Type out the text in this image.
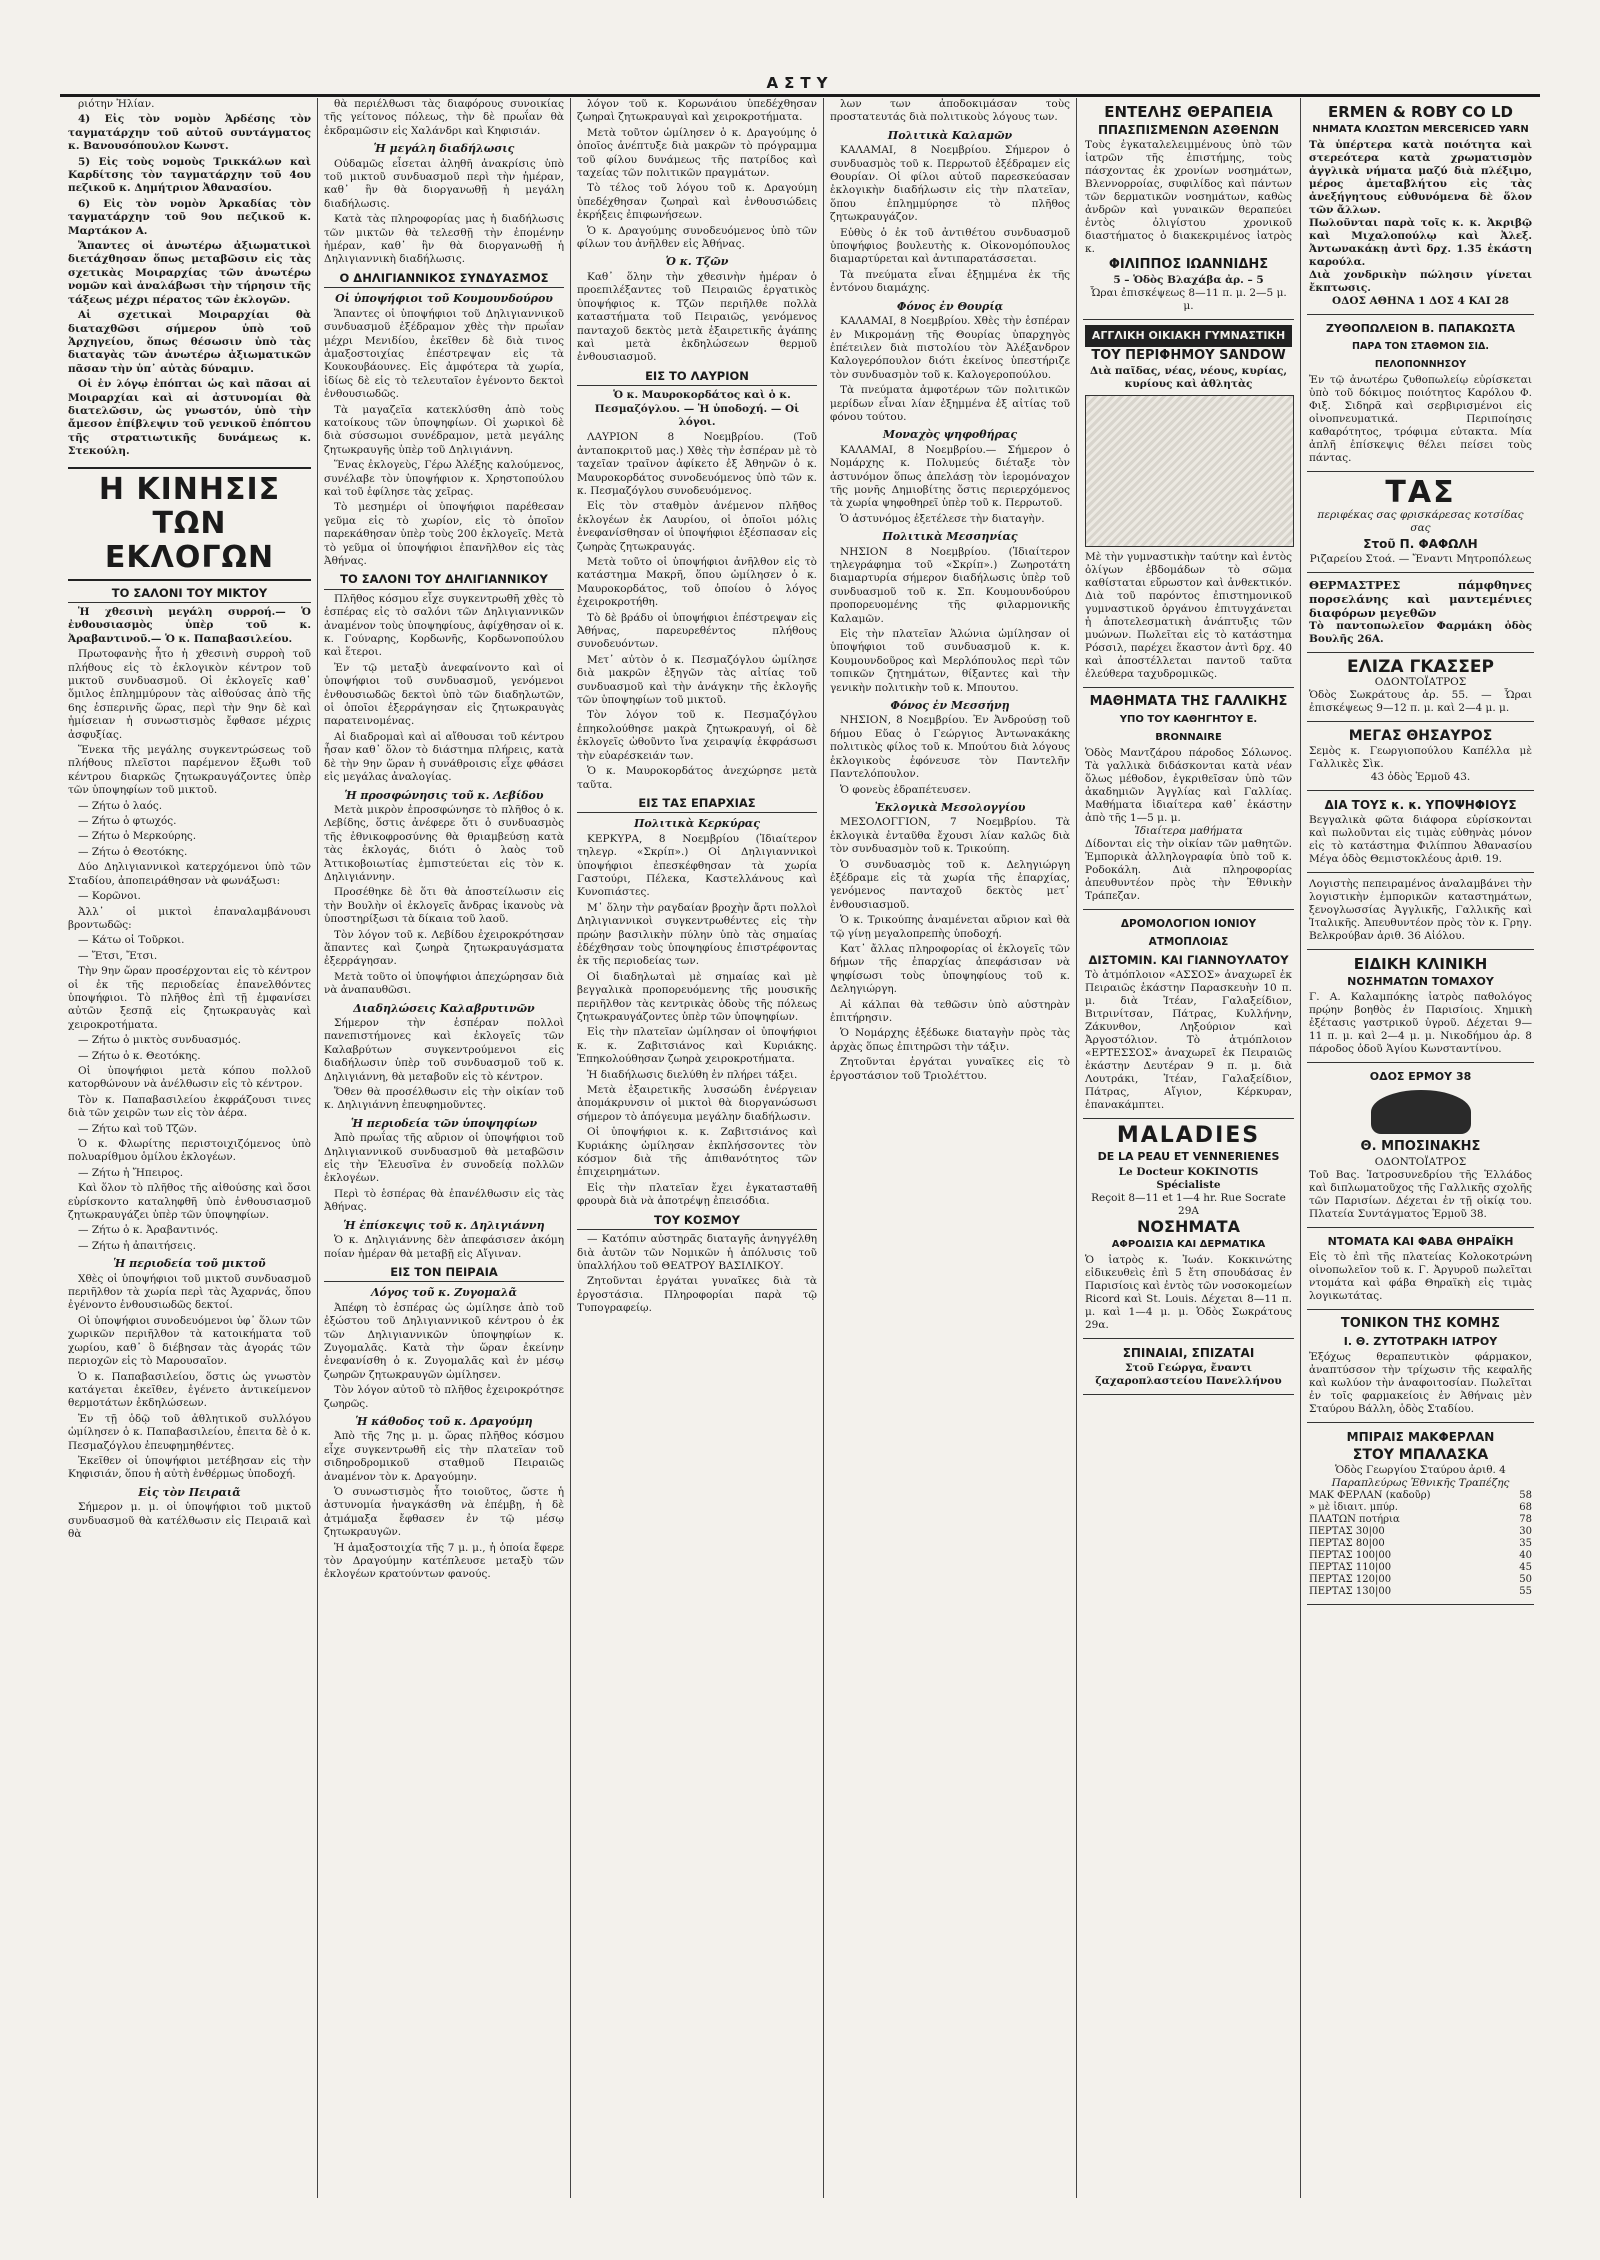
ΑΣΤΥ

ριότην Ἠλίαν.

4) Εἰς τὸν νομὸν Ἀρδέσης τὸν ταγματάρχην τοῦ αὐτοῦ συντάγματος κ. Βανουσόπουλον Κωνστ.

5) Εἰς τοὺς νομοὺς Τρικκάλων καὶ Καρδίτσης τὸν ταγματάρχην τοῦ 4ου πεζικοῦ κ. Δημήτριον Ἀθανασίου.

6) Εἰς τὸν νομὸν Ἀρκαδίας τὸν ταγματάρχην τοῦ 9ου πεζικοῦ κ. Μαρτάκον Α.

Ἅπαντες οἱ ἀνωτέρω ἀξιωματικοὶ διετάχθησαν ὅπως μεταβῶσιν εἰς τὰς σχετικὰς Μοιραρχίας τῶν ἀνωτέρω νομῶν καὶ ἀναλάβωσι τὴν τήρησιν τῆς τάξεως μέχρι πέρατος τῶν ἐκλογῶν.

Αἱ σχετικαὶ Μοιραρχίαι θὰ διαταχθῶσι σήμερον ὑπὸ τοῦ Ἀρχηγείου, ὅπως θέσωσιν ὑπὸ τὰς διαταγὰς τῶν ἀνωτέρω ἀξιωματικῶν πᾶσαν τὴν ὑπ᾿ αὐτὰς δύναμιν.

Οἱ ἐν λόγῳ ἐπόπται ὡς καὶ πᾶσαι αἱ Μοιραρχίαι καὶ αἱ ἀστυνομίαι θὰ διατελῶσιν, ὡς γνωστόν, ὑπὸ τὴν ἄμεσον ἐπίβλεψιν τοῦ γενικοῦ ἐπόπτου τῆς στρατιωτικῆς δυνάμεως κ. Στεκούλη.

Η ΚΙΝΗΣΙΣ
ΤΩΝ ΕΚΛΟΓΩΝ
ΤΟ ΣΑΛΟΝΙ ΤΟΥ ΜΙΚΤΟΥ

Ἡ χθεσινὴ μεγάλη συρροή.— Ὁ ἐνθουσιασμὸς ὑπὲρ τοῦ κ. Ἀραβαντινοῦ.— Ὁ κ. Παπαβασιλείου.

Πρωτοφανὴς ἦτο ἡ χθεσινὴ συρροὴ τοῦ πλήθους εἰς τὸ ἐκλογικὸν κέντρον τοῦ μικτοῦ συνδυασμοῦ. Οἱ ἐκλογεῖς καθ᾿ ὅμιλος ἐπλημμύρουν τὰς αἰθούσας ἀπὸ τῆς 6ης ἑσπερινῆς ὥρας, περὶ τὴν 9ην δὲ καὶ ἡμίσειαν ἡ συνωστισμὸς ἔφθασε μέχρις ἀσφυξίας.

Ἕνεκα τῆς μεγάλης συγκεντρώσεως τοῦ πλήθους πλεῖστοι παρέμενον ἔξωθι τοῦ κέντρου διαρκῶς ζητωκραυγάζοντες ὑπὲρ τῶν ὑποψηφίων τοῦ μικτοῦ.

— Ζήτω ὁ λαός.

— Ζήτω ὁ φτωχός.

— Ζήτω ὁ Μερκούρης.

— Ζήτω ὁ Θεοτόκης.

Δύο Δηλιγιαννικοὶ κατερχόμενοι ὑπὸ τῶν Σταδίου, ἀποπειράθησαν νὰ φωνάξωσι:

— Κορῶνοι.

Ἀλλ᾿ οἱ μικτοὶ ἐπαναλαμβάνουσι βροντωδῶς:

— Κάτω οἱ Τοῦρκοι.

— Ἔτσι, Ἔτσι.

Τὴν 9ην ὥραν προσέρχονται εἰς τὸ κέντρον οἱ ἐκ τῆς περιοδείας ἐπανελθόντες ὑποψήφιοι. Τὸ πλῆθος ἐπὶ τῇ ἐμφανίσει αὐτῶν ξεσπᾷ εἰς ζητωκραυγὰς καὶ χειροκροτήματα.

— Ζήτω ὁ μικτὸς συνδυασμός.

— Ζήτω ὁ κ. Θεοτόκης.

Οἱ ὑποψήφιοι μετὰ κόπου πολλοῦ κατορθώνουν νὰ ἀνέλθωσιν εἰς τὸ κέντρον.

Τὸν κ. Παπαβασιλείου ἐκφράζουσι τινες διὰ τῶν χειρῶν των εἰς τὸν ἀέρα.

— Ζήτω καὶ τοῦ Τζῶν.

Ὁ κ. Φλωρίτης περιστοιχιζόμενος ὑπὸ πολυαρίθμου ὁμίλου ἐκλογέων.

— Ζήτω ἡ Ἤπειρος.

Καὶ ὅλον τὸ πλῆθος τῆς αἰθούσης καὶ ὅσοι εὑρίσκοντο καταληφθῆ ὑπὸ ἐνθουσιασμοῦ ζητωκραυγάζει ὑπὲρ τῶν ὑποψηφίων.

— Ζήτω ὁ κ. Ἀραβαντινός.

— Ζήτω ἡ ἀπαιτήσεις.

Ἡ περιοδεία τοῦ μικτοῦ

Χθὲς οἱ ὑποψήφιοι τοῦ μικτοῦ συνδυασμοῦ περιῆλθον τὰ χωρία περὶ τὰς Ἀχαρνάς, ὅπου ἐγένοντο ἐνθουσιωδῶς δεκτοί.

Οἱ ὑποψήφιοι συνοδευόμενοι ὑφ᾿ ὅλων τῶν χωρικῶν περιῆλθον τὰ κατοικήματα τοῦ χωρίου, καθ᾿ ὃ διέβησαν τὰς ἀγοράς τῶν περιοχῶν εἰς τὸ Μαρουσαῖον.

Ὁ κ. Παπαβασιλείου, ὅστις ὡς γνωστὸν κατάγεται ἐκεῖθεν, ἐγένετο ἀντικείμενον θερμοτάτων ἐκδηλώσεων.

Ἐν τῇ ὁδῷ τοῦ ἀθλητικοῦ συλλόγου ὡμίλησεν ὁ κ. Παπαβασιλείου, ἐπειτα δὲ ὁ κ. Πεσμαζόγλου ἐπευφημηθέντες.

Ἐκεῖθεν οἱ ὑποψήφιοι μετέβησαν εἰς τὴν Κηφισιάν, ὅπου ἡ αὐτὴ ἐνθέρμως ὑποδοχή.

Εἰς τὸν Πειραιᾶ

Σήμερον μ. μ. οἱ ὑποψήφιοι τοῦ μικτοῦ συνδυασμοῦ θὰ κατέλθωσιν εἰς Πειραιᾶ καὶ θὰ

θὰ περιέλθωσι τὰς διαφόρους συνοικίας τῆς γείτονος πόλεως, τὴν δὲ πρωΐαν θὰ ἐκδραμῶσιν εἰς Χαλάνδρι καὶ Κηφισιάν.

Ἡ μεγάλη διαδήλωσις

Οὐδαμῶς εἶσεται ἀληθῆ ἀνακρίσις ὑπὸ τοῦ μικτοῦ συνδυασμοῦ περὶ τὴν ἡμέραν, καθ᾿ ἣν θὰ διοργανωθῇ ἡ μεγάλη διαδήλωσις.

Κατὰ τὰς πληροφορίας μας ἡ διαδήλωσις τῶν μικτῶν θὰ τελεσθῇ τὴν ἐπομένην ἡμέραν, καθ᾿ ἣν θὰ διοργανωθῇ ἡ Δηλιγιαννικὴ διαδήλωσις.

Ο ΔΗΛΙΓΙΑΝΝΙΚΟΣ ΣΥΝΔΥΑΣΜΟΣ
Οἱ ὑποψήφιοι τοῦ Κουμουνδούρου

Ἅπαντες οἱ ὑποψήφιοι τοῦ Δηλιγιαννικοῦ συνδυασμοῦ ἐξέδραμον χθὲς τὴν πρωΐαν μέχρι Μενιδίου, ἐκεῖθεν δὲ διὰ τινος ἁμαξοστοιχίας ἐπέστρεψαν εἰς τὰ Κουκουβάουνες. Εἰς ἀμφότερα τὰ χωρία, ἰδίως δὲ εἰς τὸ τελευταῖον ἐγένοντο δεκτοὶ ἐνθουσιωδῶς.

Τὰ μαγαζεῖα κατεκλύσθη ἀπὸ τοὺς κατοίκους τῶν ὑποψηφίων. Οἱ χωρικοὶ δὲ διὰ σύσσωμοι συνέδραμον, μετὰ μεγάλης ζητωκραυγῆς ὑπὲρ τοῦ Δηλιγιάννη.

Ἕνας ἐκλογεὺς, Γέρω Ἀλέξης καλούμενος, συνέλαβε τὸν ὑποψήφιον κ. Χρηστοπούλου καὶ τοῦ ἐφίλησε τὰς χεῖρας.

Τὸ μεσημέρι οἱ ὑποψήφιοι παρέθεσαν γεῦμα εἰς τὸ χωρίον, εἰς τὸ ὁποῖον παρεκάθησαν ὑπὲρ τοὺς 200 ἐκλογεῖς. Μετὰ τὸ γεῦμα οἱ ὑποψήφιοι ἐπανῆλθον εἰς τὰς Ἀθήνας.

ΤΟ ΣΑΛΟΝΙ ΤΟΥ ΔΗΛΙΓΙΑΝΝΙΚΟΥ

Πλῆθος κόσμου εἶχε συγκεντρωθῆ χθὲς τὸ ἑσπέρας εἰς τὸ σαλόνι τῶν Δηλιγιαννικῶν ἀναμένον τοὺς ὑποψηφίους, ἀφίχθησαν οἱ κ. κ. Γούναρης, Κορδωνῆς, Κορδωνοπούλου καὶ ἕτεροι.

Ἐν τῷ μεταξὺ ἀνεφαίνοντο καὶ οἱ ὑποψήφιοι τοῦ συνδυασμοῦ, γενόμενοι ἐνθουσιωδῶς δεκτοὶ ὑπὸ τῶν διαδηλωτῶν, οἱ ὁποῖοι ἐξερράγησαν εἰς ζητωκραυγὰς παρατεινομένας.

Αἱ διαδρομαὶ καὶ αἱ αἴθουσαι τοῦ κέντρου ἦσαν καθ᾿ ὅλον τὸ διάστημα πλήρεις, κατὰ δὲ τὴν 9ην ὥραν ἡ συνάθροισις εἶχε φθάσει εἰς μεγάλας ἀναλογίας.

Ἡ προσφώνησις τοῦ κ. Λεβίδου

Μετὰ μικρὸν ἐπροσφώνησε τὸ πλῆθος ὁ κ. Λεβίδης, ὅστις ἀνέφερε ὅτι ὁ συνδυασμὸς τῆς ἐθνικοφροσύνης θὰ θριαμβεύσῃ κατὰ τὰς ἐκλογάς, διότι ὁ λαὸς τοῦ Ἀττικοβοιωτίας ἐμπιστεύεται εἰς τὸν κ. Δηλιγιάννην.

Προσέθηκε δὲ ὅτι θὰ ἀποστείλωσιν εἰς τὴν Βουλὴν οἱ ἐκλογεῖς ἄνδρας ἱκανοὺς νὰ ὑποστηρίξωσι τὰ δίκαια τοῦ λαοῦ.

Τὸν λόγον τοῦ κ. Λεβίδου ἐχειροκρότησαν ἅπαντες καὶ ζωηρὰ ζητωκραυγάσματα ἐξερράγησαν.

Μετὰ τοῦτο οἱ ὑποψήφιοι ἀπεχώρησαν διὰ νὰ ἀναπαυθῶσι.

Διαδηλώσεις Καλαβρυτινῶν

Σήμερον τὴν ἑσπέραν πολλοὶ πανεπιστήμονες καὶ ἐκλογεῖς τῶν Καλαβρύτων συγκεντρούμενοι εἰς διαδήλωσιν ὑπὲρ τοῦ συνδυασμοῦ τοῦ κ. Δηλιγιάννη, θὰ μεταβοῦν εἰς τὸ κέντρον.

Ὅθεν θὰ προσέλθωσιν εἰς τὴν οἰκίαν τοῦ κ. Δηλιγιάννη ἐπευφημοῦντες.

Ἡ περιοδεία τῶν ὑποψηφίων

Ἀπὸ πρωΐας τῆς αὔριον οἱ ὑποψήφιοι τοῦ Δηλιγιαννικοῦ συνδυασμοῦ θὰ μεταβῶσιν εἰς τὴν Ἐλευσῖνα ἐν συνοδείᾳ πολλῶν ἐκλογέων.

Περὶ τὸ ἑσπέρας θὰ ἐπανέλθωσιν εἰς τὰς Ἀθήνας.

Ἡ ἐπίσκεψις τοῦ κ. Δηλιγιάννη

Ὁ κ. Δηλιγιάννης δὲν ἀπεφάσισεν ἀκόμη ποίαν ἡμέραν θὰ μεταβῇ εἰς Αἴγιναν.

ΕΙΣ ΤΟΝ ΠΕΙΡΑΙΑ
Λόγος τοῦ κ. Ζυγομαλᾶ

Ἀπέφη τὸ ἑσπέρας ὡς ὡμίλησε ἀπὸ τοῦ ἐξώστου τοῦ Δηλιγιαννικοῦ κέντρου ὁ ἐκ τῶν Δηλιγιαννικῶν ὑποψηφίων κ. Ζυγομαλᾶς. Κατὰ τὴν ὥραν ἐκείνην ἐνεφανίσθη ὁ κ. Ζυγομαλᾶς καὶ ἐν μέσῳ ζωηρῶν ζητωκραυγῶν ὡμίλησεν.

Τὸν λόγον αὐτοῦ τὸ πλῆθος ἐχειροκρότησε ζωηρῶς.

Ἡ κάθοδος τοῦ κ. Δραγούμη

Ἀπὸ τῆς 7ης μ. μ. ὥρας πλῆθος κόσμου εἶχε συγκεντρωθῆ εἰς τὴν πλατεῖαν τοῦ σιδηροδρομικοῦ σταθμοῦ Πειραιῶς ἀναμένον τὸν κ. Δραγούμην.

Ὁ συνωστισμὸς ἦτο τοιοῦτος, ὥστε ἡ ἀστυνομία ἠναγκάσθη νὰ ἐπέμβῃ, ἡ δὲ ἀτμάμαξα ἔφθασεν ἐν τῷ μέσῳ ζητωκραυγῶν.

Ἡ ἀμαξοστοιχία τῆς 7 μ. μ., ἡ ὁποία ἔφερε τὸν Δραγούμην κατέπλευσε μεταξὺ τῶν ἐκλογέων κρατούντων φανούς.

λόγον τοῦ κ. Κορωνάιου ὑπεδέχθησαν ζωηραὶ ζητωκραυγαὶ καὶ χειροκροτήματα.

Μετὰ τοῦτον ὡμίλησεν ὁ κ. Δραγούμης ὁ ὁποῖος ἀνέπτυξε διὰ μακρῶν τὸ πρόγραμμα τοῦ φίλου δυνάμεως τῆς πατρίδος καὶ ταχείας τῶν πολιτικῶν πραγμάτων.

Τὸ τέλος τοῦ λόγου τοῦ κ. Δραγούμη ὑπεδέχθησαν ζωηραὶ καὶ ἐνθουσιώδεις ἐκρήξεις ἐπιφωνήσεων.

Ὁ κ. Δραγούμης συνοδευόμενος ὑπὸ τῶν φίλων του ἀνῆλθεν εἰς Ἀθήνας.

Ὁ κ. Τζῶν

Καθ᾿ ὅλην τὴν χθεσινὴν ἡμέραν ὁ προεπιλέξαντες τοῦ Πειραιῶς ἐργατικὸς ὑποψήφιος κ. Τζῶν περιῆλθε πολλὰ καταστήματα τοῦ Πειραιῶς, γενόμενος πανταχοῦ δεκτὸς μετὰ ἐξαιρετικῆς ἀγάπης καὶ μετὰ ἐκδηλώσεων θερμοῦ ἐνθουσιασμοῦ.

ΕΙΣ ΤΟ ΛΑΥΡΙΟΝ

Ὁ κ. Μαυροκορδάτος καὶ ὁ κ. Πεσμαζόγλου. — Ἡ ὑποδοχή. — Οἱ λόγοι.

ΛΑΥΡΙΟΝ 8 Νοεμβρίου. (Τοῦ ἀνταποκριτοῦ μας.) Χθὲς τὴν ἑσπέραν μὲ τὸ ταχεῖαν τραῖνον ἀφίκετο ἐξ Ἀθηνῶν ὁ κ. Μαυροκορδάτος συνοδευόμενος ὑπὸ τῶν κ. κ. Πεσμαζόγλου συνοδευόμενος.

Εἰς τὸν σταθμὸν ἀνέμενον πλῆθος ἐκλογέων ἐκ Λαυρίου, οἱ ὁποῖοι μόλις ἐνεφανίσθησαν οἱ ὑποψήφιοι ἐξέσπασαν εἰς ζωηρὰς ζητωκραυγάς.

Μετὰ τοῦτο οἱ ὑποψήφιοι ἀνῆλθον εἰς τὸ κατάστημα Μακρῆ, ὅπου ὡμίλησεν ὁ κ. Μαυροκορδάτος, τοῦ ὁποίου ὁ λόγος ἐχειροκροτήθη.

Τὸ δὲ βράδυ οἱ ὑποψήφιοι ἐπέστρεψαν εἰς Ἀθήνας, παρευρεθέντος πλήθους συνοδευόντων.

Μετ᾿ αὐτὸν ὁ κ. Πεσμαζόγλου ὡμίλησε διὰ μακρῶν ἐξηγῶν τὰς αἰτίας τοῦ συνδυασμοῦ καὶ τὴν ἀνάγκην τῆς ἐκλογῆς τῶν ὑποψηφίων τοῦ μικτοῦ.

Τὸν λόγον τοῦ κ. Πεσμαζόγλου ἐπηκολούθησε μακρὰ ζητωκραυγή, οἱ δὲ ἐκλογεῖς ὠθοῦντο ἵνα χειραψίᾳ ἐκφράσωσι τὴν εὐαρέσκειάν των.

Ὁ κ. Μαυροκορδάτος ἀνεχώρησε μετὰ ταῦτα.

ΕΙΣ ΤΑΣ ΕΠΑΡΧΙΑΣ
Πολιτικὰ Κερκύρας

ΚΕΡΚΥΡΑ, 8 Νοεμβρίου (Ἰδιαίτερον τηλεγρ. «Σκρίπ».) Οἱ Δηλιγιαννικοὶ ὑποψήφιοι ἐπεσκέφθησαν τὰ χωρία Γαστούρι, Πέλεκα, Καστελλάνους καὶ Κυνοπιάστες.

Μ᾿ ὅλην τὴν ραγδαίαν βροχὴν ἄρτι πολλοὶ Δηλιγιαννικοὶ συγκεντρωθέντες εἰς τὴν πρώην βασιλικὴν πύλην ὑπὸ τὰς σημαίας ἐδέχθησαν τοὺς ὑποψηφίους ἐπιστρέφοντας ἐκ τῆς περιοδείας των.

Οἱ διαδηλωταὶ μὲ σημαίας καὶ μὲ βεγγαλικὰ προπορευόμενης τῆς μουσικῆς περιῆλθον τὰς κεντρικὰς ὁδοὺς τῆς πόλεως ζητωκραυγάζοντες ὑπὲρ τῶν ὑποψηφίων.

Εἰς τὴν πλατεῖαν ὡμίλησαν οἱ ὑποψήφιοι κ. κ. Ζαβιτσιάνος καὶ Κυριάκης. Ἐπηκολούθησαν ζωηρὰ χειροκροτήματα.

Ἡ διαδήλωσις διελύθη ἐν πλήρει τάξει.

Μετὰ ἐξαιρετικῆς λυσσώδη ἐνέργειαν ἀπομάκρυνσιν οἱ μικτοὶ θὰ διοργανώσωσι σήμερον τὸ ἀπόγευμα μεγάλην διαδήλωσιν.

Οἱ ὑποψήφιοι κ. κ. Ζαβιτσιάνος καὶ Κυριάκης ὡμίλησαν ἐκπλήσσοντες τὸν κόσμον διὰ τῆς ἀπιθανότητος τῶν ἐπιχειρημάτων.

Εἰς τὴν πλατεῖαν ἔχει ἐγκατασταθῆ φρουρὰ διὰ νὰ ἀποτρέψῃ ἐπεισόδια.

ΤΟΥ ΚΟΣΜΟΥ

— Κατόπιν αὐστηρᾶς διαταγῆς ἀνηγγέλθη διὰ ἀυτῶν τῶν Νομικῶν ἡ ἀπόλυσις τοῦ ὑπαλλήλου τοῦ ΘΕΑΤΡΟΥ ΒΑΣΙΛΙΚΟΥ.

Ζητοῦνται ἐργάται γυναῖκες διὰ τὰ ἐργοστάσια. Πληροφορίαι παρὰ τῷ Τυπογραφείῳ.

λων των ἀποδοκιμάσαν τοὺς προστατευτάς διὰ πολιτικοὺς λόγους των.

Πολιτικὰ Καλαμῶν

ΚΑΛΑΜΑΙ, 8 Νοεμβρίου. Σήμερον ὁ συνδυασμὸς τοῦ κ. Περρωτοῦ ἐξέδραμεν εἰς Θουρίαν. Οἱ φίλοι αὐτοῦ παρεσκεύασαν ἐκλογικὴν διαδήλωσιν εἰς τὴν πλατεῖαν, ὅπου ἐπλημμύρησε τὸ πλῆθος ζητωκραυγάζον.

Εὐθὺς ὁ ἐκ τοῦ ἀντιθέτου συνδυασμοῦ ὑποψήφιος βουλευτὴς κ. Οἰκονομόπουλος διαμαρτύρεται καὶ ἀντιπαρατάσσεται.

Τὰ πνεύματα εἶναι ἐξημμένα ἐκ τῆς ἐντόνου διαμάχης.

Φόνος ἐν Θουρίᾳ

ΚΑΛΑΜΑΙ, 8 Νοεμβρίου. Χθὲς τὴν ἑσπέραν ἐν Μικρομάνῃ τῆς Θουρίας ὑπαρχηγὸς ἐπέτειλεν διὰ πιστολίου τὸν Ἀλέξανδρον Καλογερόπουλον διότι ἐκείνος ὑπεστήριζε τὸν συνδυασμὸν τοῦ κ. Καλογεροπούλου.

Τὰ πνεύματα ἀμφοτέρων τῶν πολιτικῶν μερίδων εἶναι λίαν ἐξημμένα ἐξ αἰτίας τοῦ φόνου τούτου.

Μοναχὸς ψηφοθήρας

ΚΑΛΑΜΑΙ, 8 Νοεμβρίου.— Σήμερον ὁ Νομάρχης κ. Πολυμεύς διέταξε τὸν ἀστυνόμον ὅπως ἀπελάσῃ τὸν ἱερομόναχον τῆς μονῆς Δημιοβίτης ὅστις περιερχόμενος τὰ χωρία ψηφοθηρεῖ ὑπὲρ τοῦ κ. Περρωτοῦ.

Ὁ ἀστυνόμος ἐξετέλεσε τὴν διαταγὴν.

Πολιτικὰ Μεσσηνίας

ΝΗΣΙΟΝ 8 Νοεμβρίου. (Ἰδιαίτερον τηλεγράφημα τοῦ «Σκρίπ».) Ζωηροτάτη διαμαρτυρία σήμερον διαδήλωσις ὑπὲρ τοῦ συνδυασμοῦ τοῦ κ. Σπ. Κουμουνδούρου προπορευομένης τῆς φιλαρμονικῆς Καλαμῶν.

Εἰς τὴν πλατεῖαν Ἁλώνια ὡμίλησαν οἱ ὑποψήφιοι τοῦ συνδυασμοῦ κ. κ. Κουμουνδοῦρος καὶ Μερλόπουλος περὶ τῶν τοπικῶν ζητημάτων, θίξαντες καὶ τὴν γενικὴν πολιτικὴν τοῦ κ. Μπουτου.

Φόνος ἐν Μεσσήνῃ

ΝΗΣΙΟΝ, 8 Νοεμβρίου. Ἐν Ἀνδρούσῃ τοῦ δήμου Εὔας ὁ Γεώργιος Ἀντωνακάκης πολιτικὸς φίλος τοῦ κ. Μπούτου διὰ λόγους ἐκλογικοὺς ἐφόνευσε τὸν Παντελῆν Παντελόπουλον.

Ὁ φονεὺς ἐδραπέτευσεν.

Ἐκλογικὰ Μεσολογγίου

ΜΕΣΟΛΟΓΓΙΟΝ, 7 Νοεμβρίου. Τὰ ἐκλογικὰ ἐνταῦθα ἔχουσι λίαν καλῶς διὰ τὸν συνδυασμὸν τοῦ κ. Τρικούπη.

Ὁ συνδυασμὸς τοῦ κ. Δεληγιώργη ἐξέδραμε εἰς τὰ χωρία τῆς ἐπαρχίας, γενόμενος πανταχοῦ δεκτὸς μετ᾿ ἐνθουσιασμοῦ.

Ὁ κ. Τρικούπης ἀναμένεται αὔριον καὶ θὰ τῷ γίνῃ μεγαλοπρεπὴς ὑποδοχή.

Κατ᾿ ἄλλας πληροφορίας οἱ ἐκλογεῖς τῶν δήμων τῆς ἐπαρχίας ἀπεφάσισαν νὰ ψηφίσωσι τοὺς ὑποψηφίους τοῦ κ. Δεληγιώργη.

Αἱ κάλπαι θὰ τεθῶσιν ὑπὸ αὐστηρὰν ἐπιτήρησιν.

Ὁ Νομάρχης ἐξέδωκε διαταγὴν πρὸς τὰς ἀρχὰς ὅπως ἐπιτηρῶσι τὴν τάξιν.

Ζητοῦνται ἐργάται γυναῖκες εἰς τὸ ἐργοστάσιον τοῦ Τριολέττου.

ΕΝΤΕΛΗΣ ΘΕΡΑΠΕΙΑ
ΠΠΑΣΠΙΣΜΕΝΩΝ ΑΣΘΕΝΩΝ
Τοὺς ἐγκαταλελειμμένους ὑπὸ τῶν ἰατρῶν τῆς ἐπιστήμης, τοὺς πάσχοντας ἐκ χρονίων νοσημάτων, Βλεννορροίας, συφιλίδος καὶ πάντων τῶν δερματικῶν νοσημάτων, καθὼς ἀνδρῶν καὶ γυναικῶν θεραπεύει ἐντὸς ὀλιγίστου χρονικοῦ διαστήματος ὁ διακεκριμένος ἰατρὸς κ.
ΦΙΛΙΠΠΟΣ ΙΩΑΝΝΙΔΗΣ
5 – Ὁδὸς Βλαχάβα ἀρ. – 5
Ὧραι ἐπισκέψεως 8—11 π. μ. 2—5 μ. μ.
ΑΓΓΛΙΚΗ ΟΙΚΙΑΚΗ ΓΥΜΝΑΣΤΙΚΗ
ΤΟΥ ΠΕΡΙΦΗΜΟΥ SANDOW
Διὰ παῖδας, νέας, νέους, κυρίας, κυρίους καὶ ἀθλητὰς
Μὲ τὴν γυμναστικὴν ταύτην καὶ ἐντὸς ὀλίγων ἑβδομάδων τὸ σῶμα καθίσταται εὔρωστον καὶ ἀνθεκτικόν. Διὰ τοῦ παρόντος ἐπιστημονικοῦ γυμναστικοῦ ὀργάνου ἐπιτυγχάνεται ἡ ἀποτελεσματικὴ ἀνάπτυξις τῶν μυώνων. Πωλεῖται εἰς τὸ κατάστημα Ρόσσιλ, παρέχει ἕκαστον ἀντὶ δρχ. 40 καὶ ἀποστέλλεται παντοῦ ταῦτα ἐλεύθερα ταχυδρομικῶς.
ΜΑΘΗΜΑΤΑ ΤΗΣ ΓΑΛΛΙΚΗΣ
ΥΠΟ ΤΟΥ ΚΑΘΗΓΗΤΟΥ E. BRONNAIRE
Ὁδὸς Μαντζάρου πάροδος Σόλωνος. Τὰ γαλλικὰ διδάσκονται κατὰ νέαν ὅλως μέθοδον, ἐγκριθεῖσαν ὑπὸ τῶν ἀκαδημιῶν Ἀγγλίας καὶ Γαλλίας. Μαθήματα ἰδιαίτερα καθ᾿ ἑκάστην ἀπὸ τῆς 1—5 μ. μ.
Ἰδιαίτερα μαθήματα
Δίδονται εἰς τὴν οἰκίαν τῶν μαθητῶν. Ἐμπορικὰ ἀλληλογραφία ὑπὸ τοῦ κ. Ροδοκάλη. Διὰ πληροφορίας ἀπευθυντέον πρὸς τὴν Ἐθνικὴν Τράπεζαν.
ΔΡΟΜΟΛΟΓΙΟΝ ΙΟΝΙΟΥ ΑΤΜΟΠΛΟΙΑΣ
ΔΙΣΤΟΜΙΝ. ΚΑΙ ΓΙΑΝΝΟΥΛΑΤΟΥ
Τὸ ἀτμόπλοιον «ΑΣΣΟΣ» ἀναχωρεῖ ἐκ Πειραιῶς ἑκάστην Παρασκευὴν 10 π. μ. διὰ Ἰτέαν, Γαλαξείδιον, Βιτρινίτσαν, Πάτρας, Κυλλήνην, Ζάκυνθον, Ληξούριον καὶ Ἀργοστόλιον. Τὸ ἀτμόπλοιον «ΕΡΤΕΣΣΟΣ» ἀναχωρεῖ ἐκ Πειραιῶς ἑκάστην Δευτέραν 9 π. μ. διὰ Λουτράκι, Ἰτέαν, Γαλαξείδιον, Πάτρας, Αἴγιον, Κέρκυραν, ἐπανακάμπτει.
MALADIES
DE LA PEAU ET VENNERIENES
Le Docteur KOKINOTIS Spécialiste
Reçoit 8—11 et 1—4 hr. Rue Socrate 29A
ΝΟΣΗΜΑΤΑ
ΑΦΡΟΔΙΣΙΑ ΚΑΙ ΔΕΡΜΑΤΙΚΑ
Ὁ ἰατρὸς κ. Ἰωάν. Κοκκινώτης εἰδικευθεὶς ἐπὶ 5 ἔτη σπουδάσας ἐν Παρισίοις καὶ ἐντὸς τῶν νοσοκομείων Ricord καὶ St. Louis. Δέχεται 8—11 π. μ. καὶ 1—4 μ. μ. Ὁδὸς Σωκράτους 29α.
ΣΠΙΝΑΙΑΙ, ΣΠΙΖΑΤΑΙ
Στοῦ Γεώργα, ἔναντι ζαχαροπλαστείου Πανελλήνου
ERMEN & ROBY CO LD
ΝΗΜΑΤΑ ΚΛΩΣΤΩΝ MERCERICED YARN
Τὰ ὑπέρτερα κατὰ ποιότητα καὶ στερεότερα κατὰ χρωματισμὸν ἀγγλικὰ νήματα μαζύ διὰ πλέξιμο, μέρος ἀμεταβλήτου εἰς τὰς ἀνεξήγητους εὐθυνόμενα δὲ ὅλον τῶν ἄλλων.
Πωλοῦνται παρὰ τοῖς κ. κ. Ἀκριβῷ καὶ Μιχαλοπούλῳ καὶ Ἀλεξ. Ἀντωνακάκῃ ἀντὶ δρχ. 1.35 ἑκάστη καρούλα.
Διὰ χονδρικὴν πώλησιν γίνεται ἔκπτωσις.
ΟΔΟΣ ΑΘΗΝΑ 1 ΔΟΣ 4 ΚΑΙ 28
ΖΥΘΟΠΩΛΕΙΟΝ Β. ΠΑΠΑΚΩΣΤΑ
ΠΑΡΑ ΤΟΝ ΣΤΑΘΜΟΝ ΣΙΔ. ΠΕΛΟΠΟΝΝΗΣΟΥ
Ἐν τῷ ἀνωτέρω ζυθοπωλείῳ εὑρίσκεται ὑπὸ τοῦ δόκιμος ποιότητος Καρόλου Φ. Φιξ. Σιδηρᾶ καὶ σερβιρισμένοι εἰς οἰνοπνευματικά. Περιποίησις καθαρότητος, τρόφιμα εὐτακτα. Μία ἀπλῆ ἐπίσκεψις θέλει πείσει τοὺς πάντας.
ΤΑΣ
περιφέκας σας φρισκάρεσας κοτσίδας σας
Στοῦ Π. ΦΑΦΩΛΗ
Ριζαρείου Στοά. — Ἔναντι Μητροπόλεως
ΘΕΡΜΑΣΤΡΕΣ πάμφθηνες πορσελάνης καὶ μαντεμένιες διαφόρων μεγεθῶν
Τὸ παντοπωλεῖον Φαρμάκη ὁδὸς Βουλῆς 26Α.
ΕΛΙΖΑ ΓΚΑΣΣΕΡ
ΟΔΟΝΤΟΪΑΤΡΟΣ
Ὁδὸς Σωκράτους ἀρ. 55. — Ὧραι ἐπισκέψεως 9—12 π. μ. καὶ 2—4 μ. μ.
ΜΕΓΑΣ ΘΗΣΑΥΡΟΣ
Σεμὸς κ. Γεωργιοπούλου Καπέλλα μὲ Γαλλικὲς Σὶκ.
43 ὁδὸς Ἑρμοῦ 43.
ΔΙΑ ΤΟΥΣ κ. κ. ΥΠΟΨΗΦΙΟΥΣ
Βεγγαλικὰ φῶτα διάφορα εὑρίσκονται καὶ πωλοῦνται εἰς τιμὰς εὐθηνὰς μόνον εἰς τὸ κατάστημα Φιλίππου Ἀθανασίου Μέγα ὁδὸς Θεμιστοκλέους ἀριθ. 19.
Λογιστὴς πεπειραμένος ἀναλαμβάνει τὴν λογιστικὴν ἐμπορικῶν καταστημάτων, ξενογλωσσίας Ἀγγλικῆς, Γαλλικῆς καὶ Ἰταλικῆς. Ἀπευθυντέον πρὸς τὸν κ. Γρηγ. Βελκρούβαν ἀριθ. 36 Αἰόλου.
ΕΙΔΙΚΗ ΚΛΙΝΙΚΗ
ΝΟΣΗΜΑΤΩΝ ΤΟΜΑΧΟΥ
Γ. Α. Καλαμπόκης ἰατρὸς παθολόγος πρῴην βοηθὸς ἐν Παρισίοις. Χημικὴ ἐξέτασις γαστρικοῦ ὑγροῦ. Δέχεται 9—11 π. μ. καὶ 2—4 μ. μ. Νικοδήμου ἀρ. 8 πάροδος ὁδοῦ Ἁγίου Κωνσταντίνου.
ΟΔΟΣ ΕΡΜΟΥ 38
Θ. ΜΠΟΣΙΝΑΚΗΣ
ΟΔΟΝΤΟΪΑΤΡΟΣ
Τοῦ Βας. Ἰατροσυνεδρίου τῆς Ἑλλάδος καὶ διπλωματοῦχος τῆς Γαλλικῆς σχολῆς τῶν Παρισίων. Δέχεται ἐν τῇ οἰκίᾳ του. Πλατεία Συντάγματος Ἑρμοῦ 38.
ΝΤΟΜΑΤΑ ΚΑΙ ΦΑΒΑ ΘΗΡΑΪΚΗ
Εἰς τὸ ἐπὶ τῆς πλατείας Κολοκοτρώνη οἰνοπωλεῖον τοῦ κ. Γ. Ἀργυροῦ πωλεῖται ντομάτα καὶ φάβα Θηραϊκὴ εἰς τιμὰς λογικωτάτας.
ΤΟΝΙΚΟΝ ΤΗΣ ΚΟΜΗΣ
Ι. Θ. ΖΥΤΟΤΡΑΚΗ ΙΑΤΡΟΥ
Ἐξόχως θεραπευτικὸν φάρμακον, ἀναπτύσσον τὴν τρίχωσιν τῆς κεφαλῆς καὶ κωλύον τὴν ἀναφοιτοσίαν. Πωλεῖται ἐν τοῖς φαρμακείοις ἐν Ἀθήναις μὲν Σταύρου Βάλλη, ὁδὸς Σταδίου.
ΜΠΙΡΑΙΣ ΜΑΚΦΕΡΛΑΝ
ΣΤΟΥ ΜΠΑΛΑΣΚΑ
Ὁδὸς Γεωργίου Σταύρου ἀριθ. 4
Παραπλεύρως Ἐθνικῆς Τραπέζης
ΜΑΚ ΦΕΡΛΑΝ (καδοῦρ)	58
» μὲ ἰδιαιτ. μπύρ.	68
ΠΛΑΤΩΝ ποτήρια	78
ΠΕΡΤΑΣ 30|00	30
ΠΕΡΤΑΣ 80|00	35
ΠΕΡΤΑΣ 100|00	40
ΠΕΡΤΑΣ 110|00	45
ΠΕΡΤΑΣ 120|00	50
ΠΕΡΤΑΣ 130|00	55
